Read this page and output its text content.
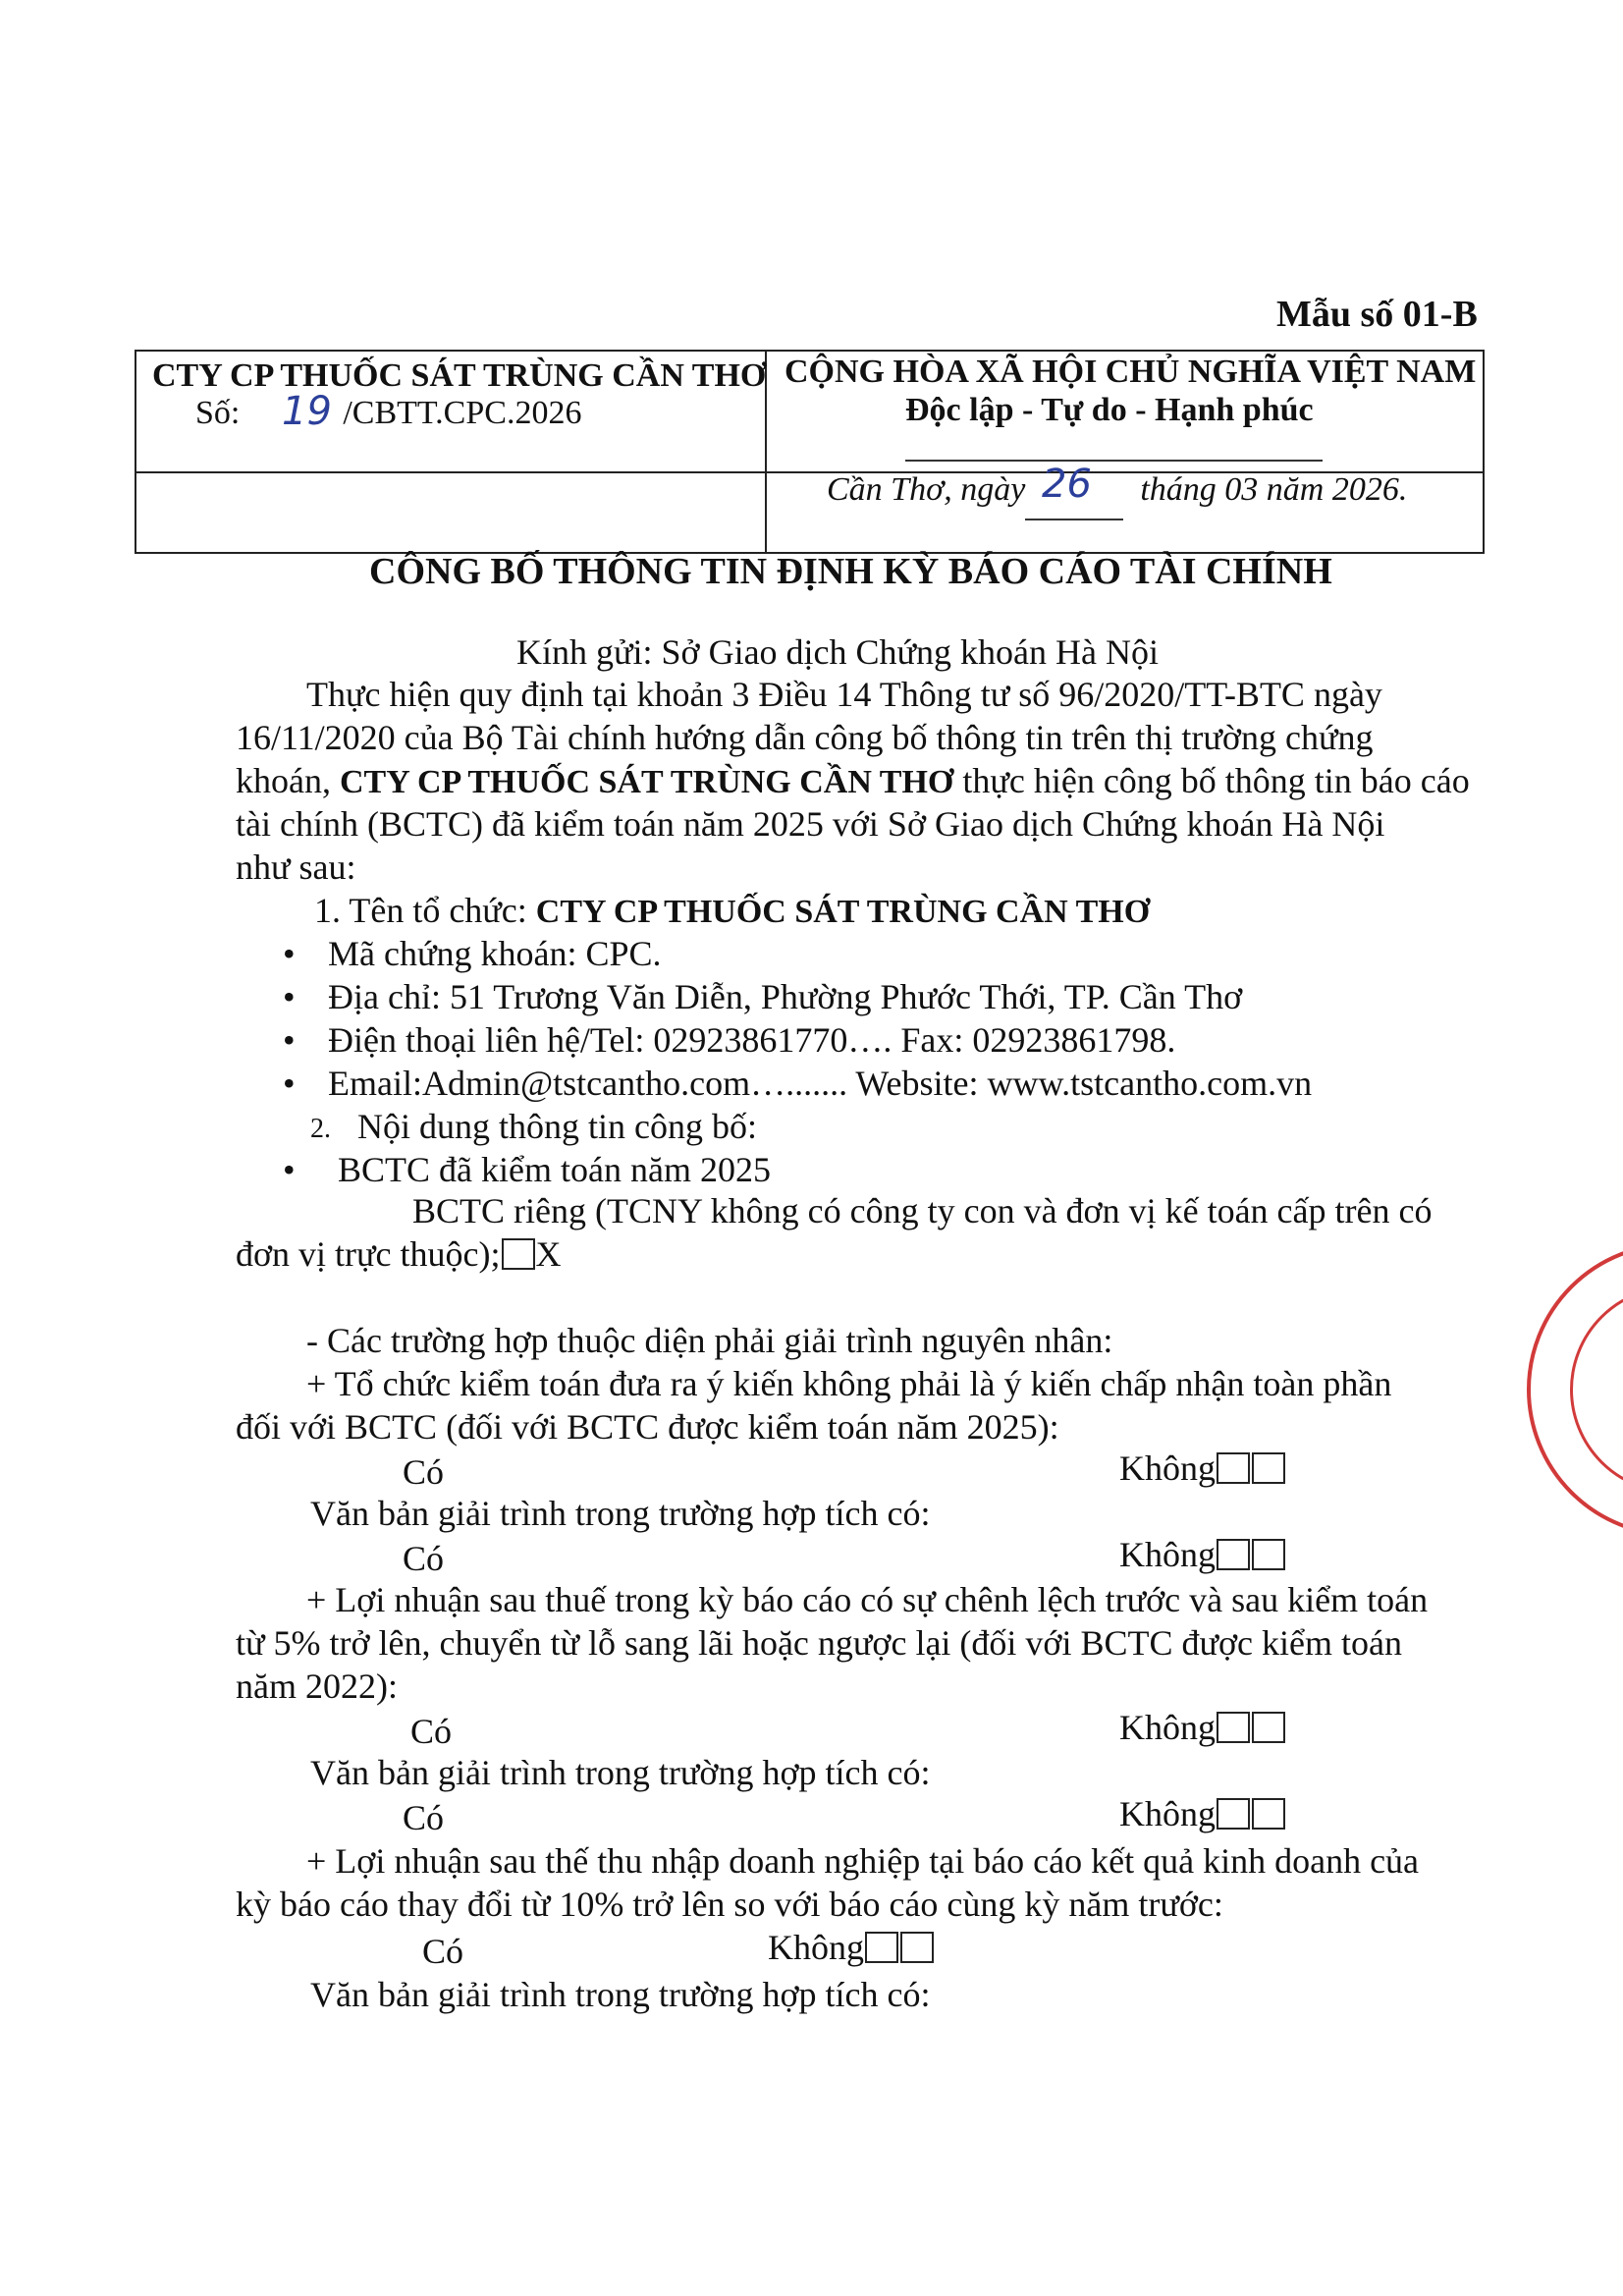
Mẫu số 01-B
CTY CP THUỐC SÁT TRÙNG CẦN THƠ
Số:	/CBTT.CPC.2026
19
CỘNG HÒA XÃ HỘI CHỦ NGHĨA VIỆT NAM
Độc lập - Tự do - Hạnh phúc
Cần Thơ, ngày	tháng 03 năm 2026.
26
CÔNG BỐ THÔNG TIN ĐỊNH KỲ BÁO CÁO TÀI CHÍNH
Kính gửi: Sở Giao dịch Chứng khoán Hà Nội
Thực hiện quy định tại khoản 3 Điều 14 Thông tư số 96/2020/TT-BTC ngày
16/11/2020 của Bộ Tài chính hướng dẫn công bố thông tin trên thị trường chứng
khoán, CTY CP THUỐC SÁT TRÙNG CẦN THƠ thực hiện công bố thông tin báo cáo
tài chính (BCTC) đã kiểm toán năm 2025 với Sở Giao dịch Chứng khoán Hà Nội
như sau:
1. Tên tổ chức: CTY CP THUỐC SÁT TRÙNG CẦN THƠ
• Mã chứng khoán: CPC.
• Địa chỉ: 51 Trương Văn Diễn, Phường Phước Thới, TP. Cần Thơ
• Điện thoại liên hệ/Tel: 02923861770…. Fax: 02923861798.
• Email:Admin@tstcantho.com…....... Website: www.tstcantho.com.vn
2. Nội dung thông tin công bố:
• BCTC đã kiểm toán năm 2025
BCTC riêng (TCNY không có công ty con và đơn vị kế toán cấp trên có
đơn vị trực thuộc); X
- Các trường hợp thuộc diện phải giải trình nguyên nhân:
+ Tổ chức kiểm toán đưa ra ý kiến không phải là ý kiến chấp nhận toàn phần
đối với BCTC (đối với BCTC được kiểm toán năm 2025):
Có	Không
Văn bản giải trình trong trường hợp tích có:
Có	Không
+ Lợi nhuận sau thuế trong kỳ báo cáo có sự chênh lệch trước và sau kiểm toán
từ 5% trở lên, chuyển từ lỗ sang lãi hoặc ngược lại (đối với BCTC được kiểm toán
năm 2022):
Có	Không
Văn bản giải trình trong trường hợp tích có:
Có	Không
+ Lợi nhuận sau thế thu nhập doanh nghiệp tại báo cáo kết quả kinh doanh của
kỳ báo cáo thay đổi từ 10% trở lên so với báo cáo cùng kỳ năm trước:
Có	Không
Văn bản giải trình trong trường hợp tích có:
